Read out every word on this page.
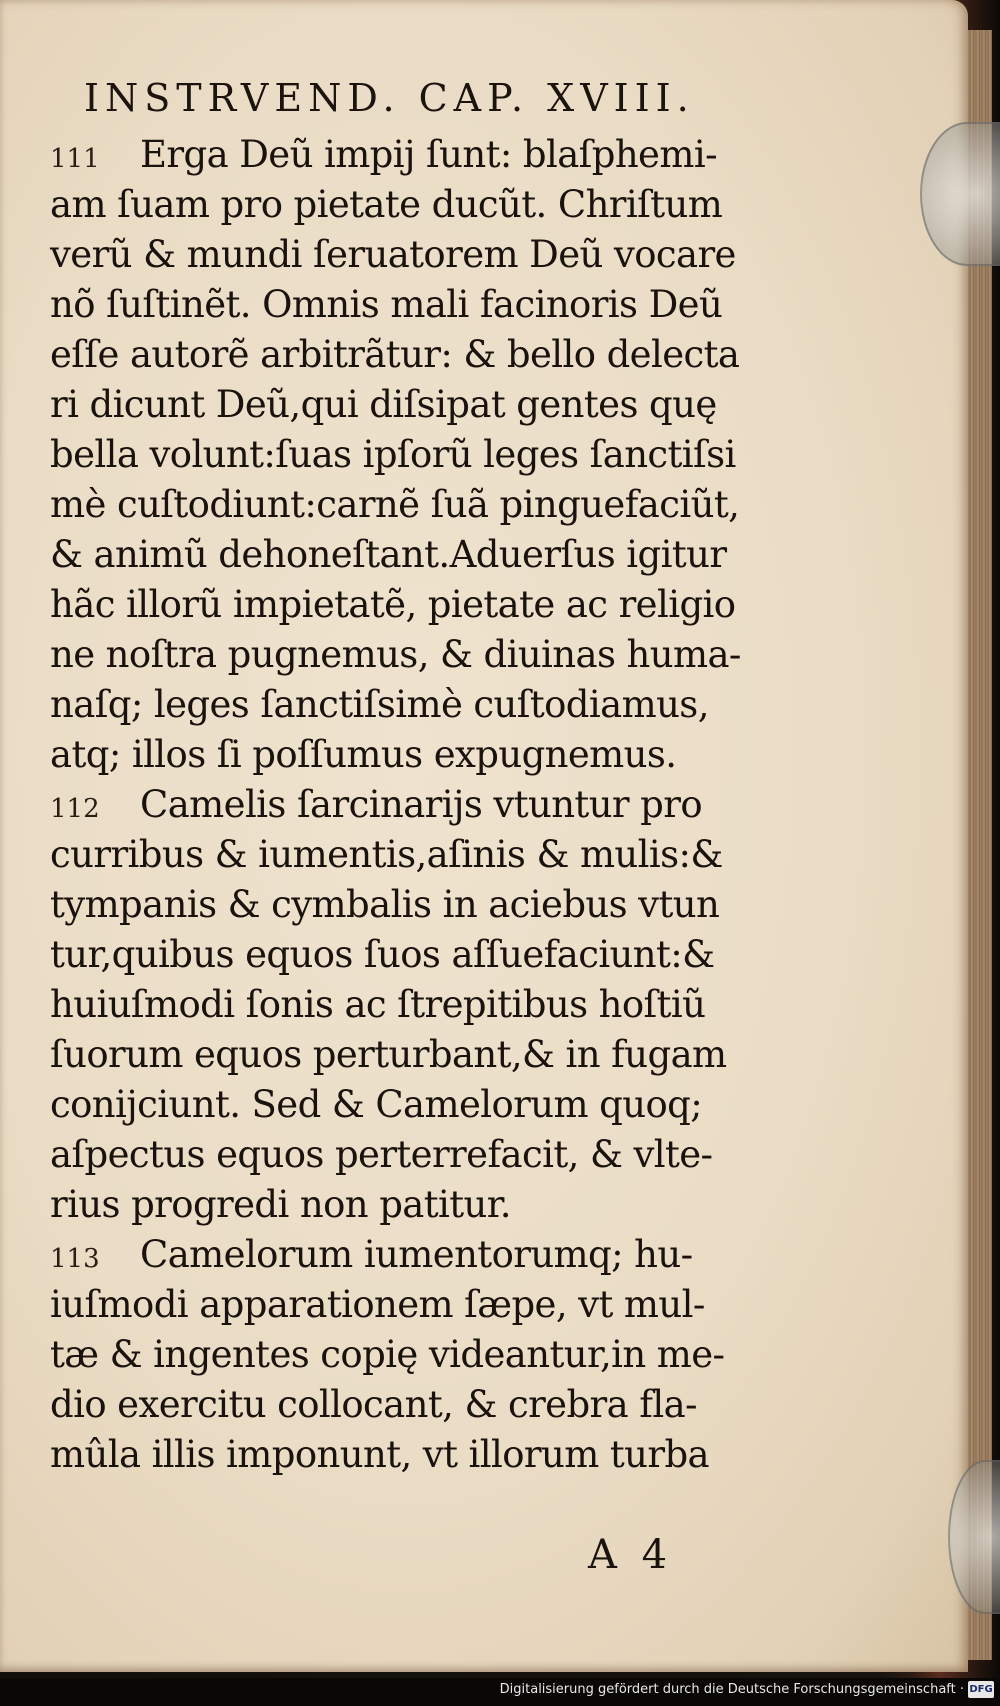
INSTRVEND. CAP. XVIII.
111	Erga Deũ impij ſunt: blaſphemi-
am ſuam pro pietate ducũt. Chriſtum
verũ & mundi ſeruatorem Deũ vocare
nõ ſuſtinẽt. Omnis mali facinoris Deũ
eſſe autorẽ arbitrãtur: & bello delecta
ri dicunt Deũ,qui diſsipat gentes quę
bella volunt:ſuas ipſorũ leges ſanctiſsi
mè cuſtodiunt:carnẽ ſuã pinguefaciũt,
& animũ dehoneſtant.Aduerſus igitur
hãc illorũ impietatẽ, pietate ac religio
ne noſtra pugnemus, & diuinas huma-
naſq; leges ſanctiſsimè cuſtodiamus,
atq; illos ſi poſſumus expugnemus.
112	Camelis ſarcinarijs vtuntur pro
curribus & iumentis,aſinis & mulis:&
tympanis & cymbalis in aciebus vtun
tur,quibus equos ſuos aſſuefaciunt:&
huiuſmodi ſonis ac ſtrepitibus hoſtiũ
ſuorum equos perturbant,& in fugam
conijciunt. Sed & Camelorum quoq;
aſpectus equos perterrefacit, & vlte-
rius progredi non patitur.
113	Camelorum iumentorumq; hu-
iuſmodi apparationem ſæpe, vt mul-
tæ & ingentes copię videantur,in me-
dio exercitu collocant, & crebra fla-
mûla illis imponunt, vt illorum turba
A 4
Digitalisierung gefördert durch die Deutsche Forschungsgemeinschaft · DFG
